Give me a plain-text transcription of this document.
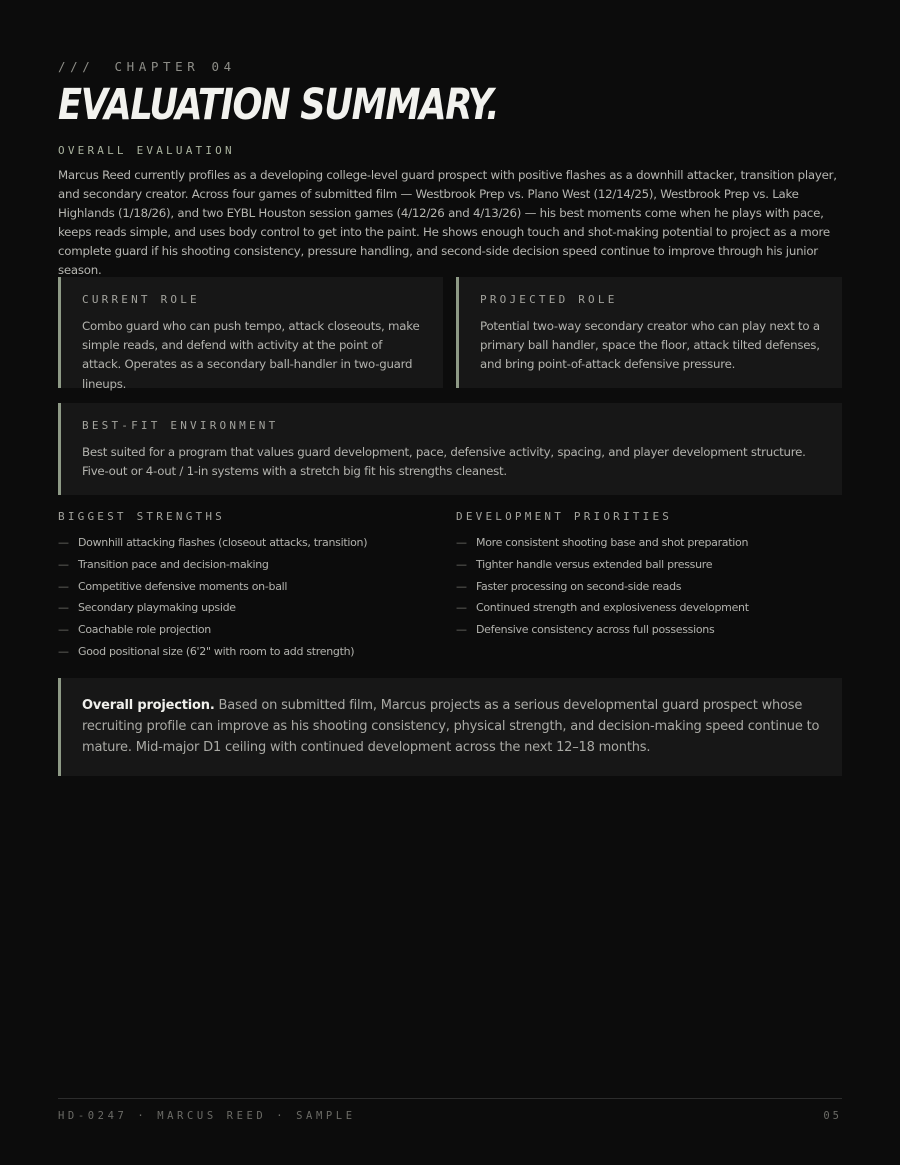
/// CHAPTER 04
EVALUATION SUMMARY.
OVERALL EVALUATION

Marcus Reed currently profiles as a developing college-level guard prospect with positive flashes as a downhill attacker, transition player, and secondary creator. Across four games of submitted film — Westbrook Prep vs. Plano West (12/14/25), Westbrook Prep vs. Lake Highlands (1/18/26), and two EYBL Houston session games (4/12/26 and 4/13/26) — his best moments come when he plays with pace, keeps reads simple, and uses body control to get into the paint. He shows enough touch and shot-making potential to project as a more complete guard if his shooting consistency, pressure handling, and second-side decision speed continue to improve through his junior season.

CURRENT ROLE

Combo guard who can push tempo, attack closeouts, make simple reads, and defend with activity at the point of attack. Operates as a secondary ball-handler in two-guard lineups.

PROJECTED ROLE

Potential two-way secondary creator who can play next to a primary ball handler, space the floor, attack tilted defenses, and bring point-of-attack defensive pressure.

BEST-FIT ENVIRONMENT

Best suited for a program that values guard development, pace, defensive activity, spacing, and player development structure. Five-out or 4-out / 1-in systems with a stretch big fit his strengths cleanest.

BIGGEST STRENGTHS
— Downhill attacking flashes (closeout attacks, transition)
— Transition pace and decision-making
— Competitive defensive moments on-ball
— Secondary playmaking upside
— Coachable role projection
— Good positional size (6'2" with room to add strength)
DEVELOPMENT PRIORITIES
— More consistent shooting base and shot preparation
— Tighter handle versus extended ball pressure
— Faster processing on second-side reads
— Continued strength and explosiveness development
— Defensive consistency across full possessions

Overall projection. Based on submitted film, Marcus projects as a serious developmental guard prospect whose recruiting profile can improve as his shooting consistency, physical strength, and decision-making speed continue to mature. Mid-major D1 ceiling with continued development across the next 12–18 months.

HD-0247 · MARCUS REED · SAMPLE	05
